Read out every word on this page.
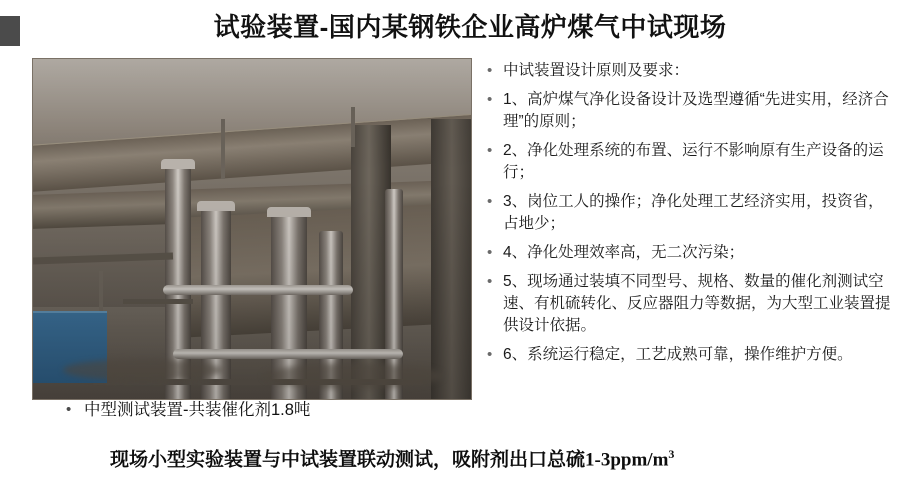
试验装置-国内某钢铁企业高炉煤气中试现场
• 中试装置设计原则及要求：
• 1、高炉煤气净化设备设计及选型遵循“先进实用，经济合理”的原则；
• 2、净化处理系统的布置、运行不影响原有生产设备的运行；
• 3、岗位工人的操作；净化处理工艺经济实用，投资省，占地少；
• 4、净化处理效率高，无二次污染；
• 5、现场通过装填不同型号、规格、数量的催化剂测试空速、有机硫转化、反应器阻力等数据，为大型工业装置提供设计依据。
• 6、系统运行稳定，工艺成熟可靠，操作维护方便。
• 中型测试装置-共装催化剂1.8吨
现场小型实验装置与中试装置联动测试，吸附剂出口总硫$1-3ppm/m^3$
